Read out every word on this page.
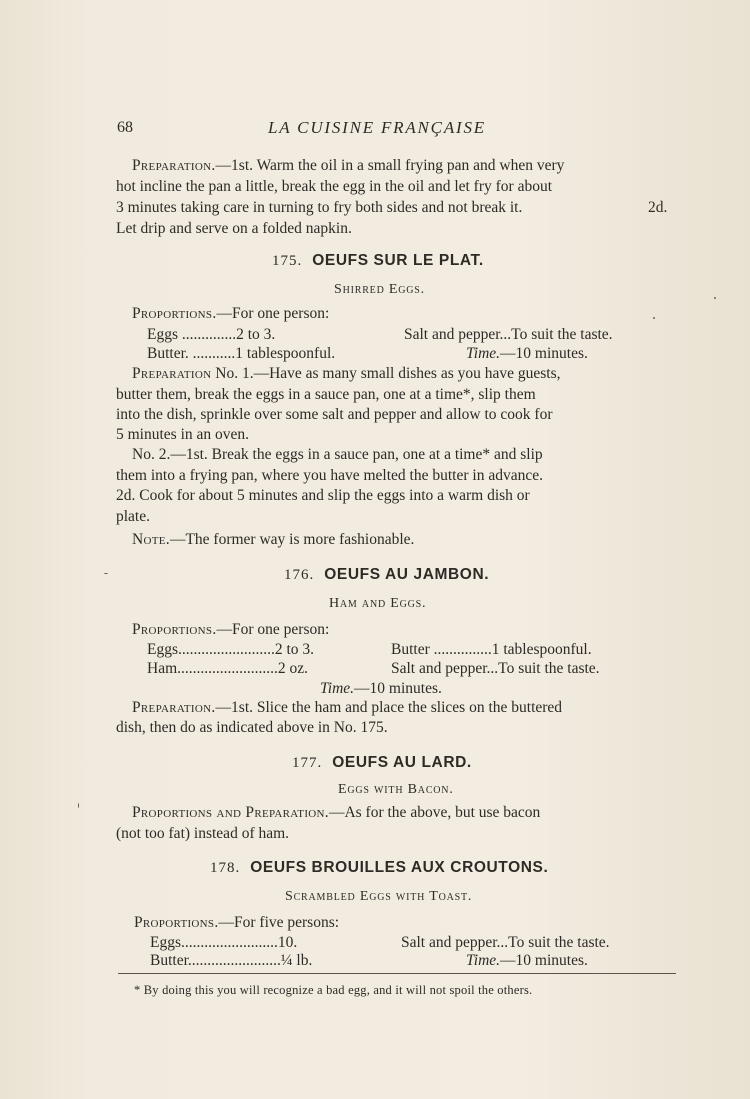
68	LA CUISINE FRANÇAISE
Preparation.—1st. Warm the oil in a small frying pan and when very
hot incline the pan a little, break the egg in the oil and let fry for about
3 minutes taking care in turning to fry both sides and not break it.	2d.
Let drip and serve on a folded napkin.
175. OEUFS SUR LE PLAT.
Shirred Eggs.
Proportions.—For one person:
Eggs ..............2 to 3.	Salt and pepper...To suit the taste.
Butter. ...........1 tablespoonful.	Time.—10 minutes.
Preparation No. 1.—Have as many small dishes as you have guests,
butter them, break the eggs in a sauce pan, one at a time*, slip them
into the dish, sprinkle over some salt and pepper and allow to cook for
5 minutes in an oven.
No. 2.—1st. Break the eggs in a sauce pan, one at a time* and slip
them into a frying pan, where you have melted the butter in advance.
2d. Cook for about 5 minutes and slip the eggs into a warm dish or
plate.
Note.—The former way is more fashionable.
176. OEUFS AU JAMBON.
Ham and Eggs.
Proportions.—For one person:
Eggs.........................2 to 3.	Butter ...............1 tablespoonful.
Ham..........................2 oz.	Salt and pepper...To suit the taste.
Time.—10 minutes.
Preparation.—1st. Slice the ham and place the slices on the buttered
dish, then do as indicated above in No. 175.
177. OEUFS AU LARD.
Eggs with Bacon.
Proportions and Preparation.—As for the above, but use bacon
(not too fat) instead of ham.
178. OEUFS BROUILLES AUX CROUTONS.
Scrambled Eggs with Toast.
Proportions.—For five persons:
Eggs.........................10.	Salt and pepper...To suit the taste.
Butter........................¼ lb.	Time.—10 minutes.
* By doing this you will recognize a bad egg, and it will not spoil the others.
